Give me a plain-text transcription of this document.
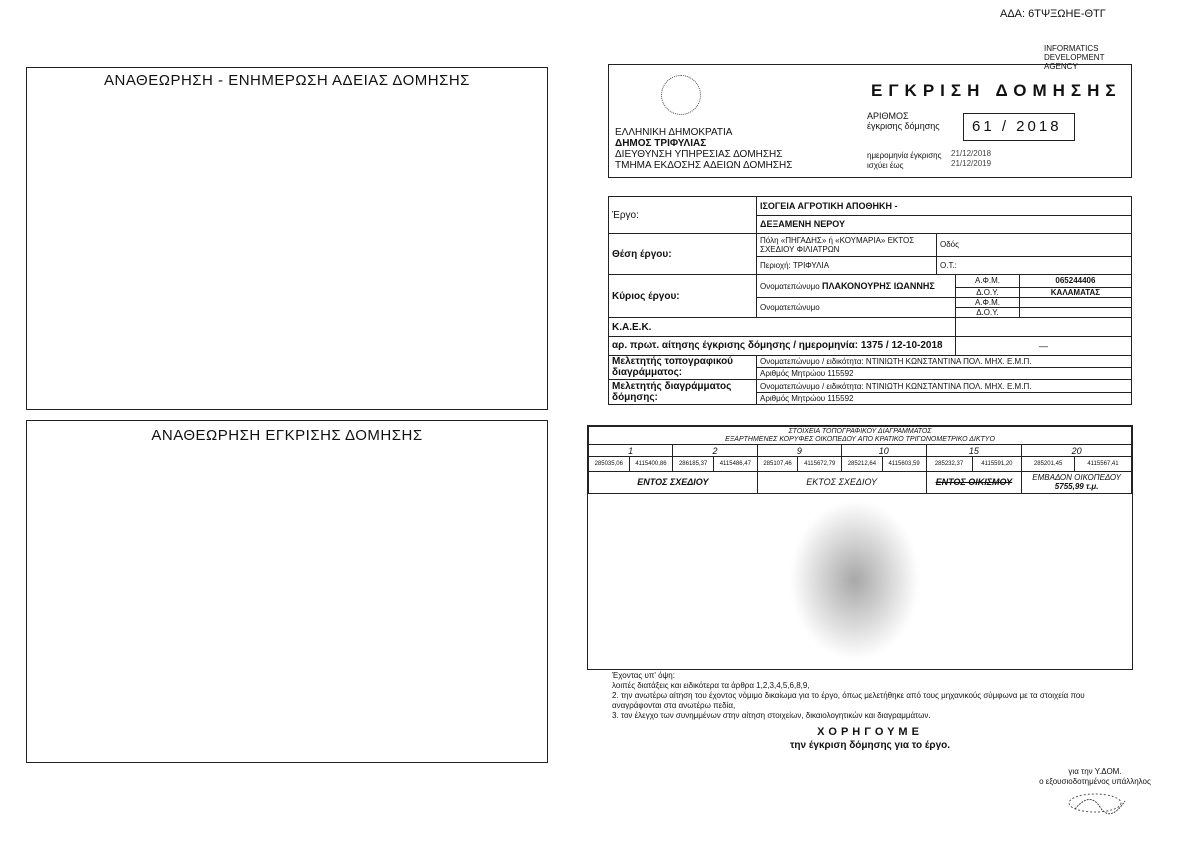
ΑΔΑ: 6ΤΨΞΩΗΕ-ΘΤΓ
INFORMATICS DEVELOPMENT AGENCY
ΑΝΑΘΕΩΡΗΣΗ - ΕΝΗΜΕΡΩΣΗ ΑΔΕΙΑΣ ΔΟΜΗΣΗΣ
ΑΝΑΘΕΩΡΗΣΗ ΕΓΚΡΙΣΗΣ ΔΟΜΗΣΗΣ
ΕΛΛΗΝΙΚΗ ΔΗΜΟΚΡΑΤΙΑ
ΔΗΜΟΣ ΤΡΙΦΥΛΙΑΣ
ΔΙΕΥΘΥΝΣΗ ΥΠΗΡΕΣΙΑΣ ΔΟΜΗΣΗΣ
ΤΜΗΜΑ ΕΚΔΟΣΗΣ ΑΔΕΙΩΝ ΔΟΜΗΣΗΣ
ΕΓΚΡΙΣΗ ΔΟΜΗΣΗΣ
ΑΡΙΘΜΟΣ
έγκρισης δόμησης	61 / 2018
ημερομηνία έγκρισης
ισχύει έως
21/12/2018
21/12/2019
Έργο:	ΙΣΟΓΕΙΑ ΑΓΡΟΤΙΚΗ ΑΠΟΘΗΚΗ -			
	ΔΕΞΑΜΕΝΗ ΝΕΡΟΥ			
Θέση έργου:	Πόλη «ΠΗΓΑΔΗΣ» ή «ΚΟΥΜΑΡΙΑ» ΕΚΤΟΣ ΣΧΕΔΙΟΥ ΦΙΛΙΑΤΡΩΝ	Οδός		
	Περιοχή: ΤΡΙΦΥΛΙΑ	Ο.Τ.:		
Κύριος έργου:	Ονοματεπώνυμο ΠΛΑΚΟΝΟΥΡΗΣ ΙΩΑΝΝΗΣ		Α.Φ.Μ.	065244406
			Δ.Ο.Υ.	ΚΑΛΑΜΑΤΑΣ
	Ονοματεπώνυμο		Α.Φ.Μ.	
			Δ.Ο.Υ.	
Κ.Α.Ε.Κ.				
αρ. πρωτ. αίτησης έγκρισης δόμησης / ημερομηνία: 1375 / 12-10-2018			—	
Μελετητής τοπογραφικού διαγράμματος:	Ονοματεπώνυμο / ειδικότητα: ΝΤΙΝΙΩΤΗ ΚΩΝΣΤΑΝΤΙΝΑ ΠΟΛ. ΜΗΧ. Ε.Μ.Π.
Αριθμός Μητρώου 115592			

Μελετητής διαγράμματος δόμησης:	Ονοματεπώνυμο / ειδικότητα: ΝΤΙΝΙΩΤΗ ΚΩΝΣΤΑΝΤΙΝΑ ΠΟΛ. ΜΗΧ. Ε.Μ.Π.
Αριθμός Μητρώου 115592			
ΣΤΟΙΧΕΙΑ ΤΟΠΟΓΡΑΦΙΚΟΥ ΔΙΑΓΡΑΜΜΑΤΟΣ
ΕΞΑΡΤΗΜΕΝΕΣ ΚΟΡΥΦΕΣ ΟΙΚΟΠΕΔΟΥ ΑΠΟ ΚΡΑΤΙΚΟ ΤΡΙΓΩΝΟΜΕΤΡΙΚΟ ΔΙΚΤΥΟ											

1		2		9		10		15		20	
285035,06	4115400,86	286185,37	4115486,47	285107,46	4115672,79	285212,64	4115603,59	285232,37	4115591,20	285201,45	4115567,41
ΕΝΤΟΣ ΣΧΕΔΙΟΥ				ΕΚΤΟΣ ΣΧΕΔΙΟΥ				ΕΝΤΟΣ ΟΙΚΙΣΜΟΥ		ΕΜΒΑΔΟΝ ΟΙΚΟΠΕΔΟΥ
5755,99 τ.μ.	
Έχοντας υπ' όψη:
λοιπές διατάξεις και ειδικότερα τα άρθρα 1,2,3,4,5,6,8,9,
2. την ανωτέρω αίτηση του έχοντος νόμιμο δικαίωμα για το έργο, όπως μελετήθηκε από τους μηχανικούς σύμφωνα με τα στοιχεία που αναγράφονται στα ανωτέρω πεδία,
3. τον έλεγχο των συνημμένων στην αίτηση στοιχείων, δικαιολογητικών και διαγραμμάτων.
ΧΟΡΗΓΟΥΜΕ
την έγκριση δόμησης για το έργο.
για την Υ.ΔΟΜ.
ο εξουσιοδοτημένος υπάλληλος
